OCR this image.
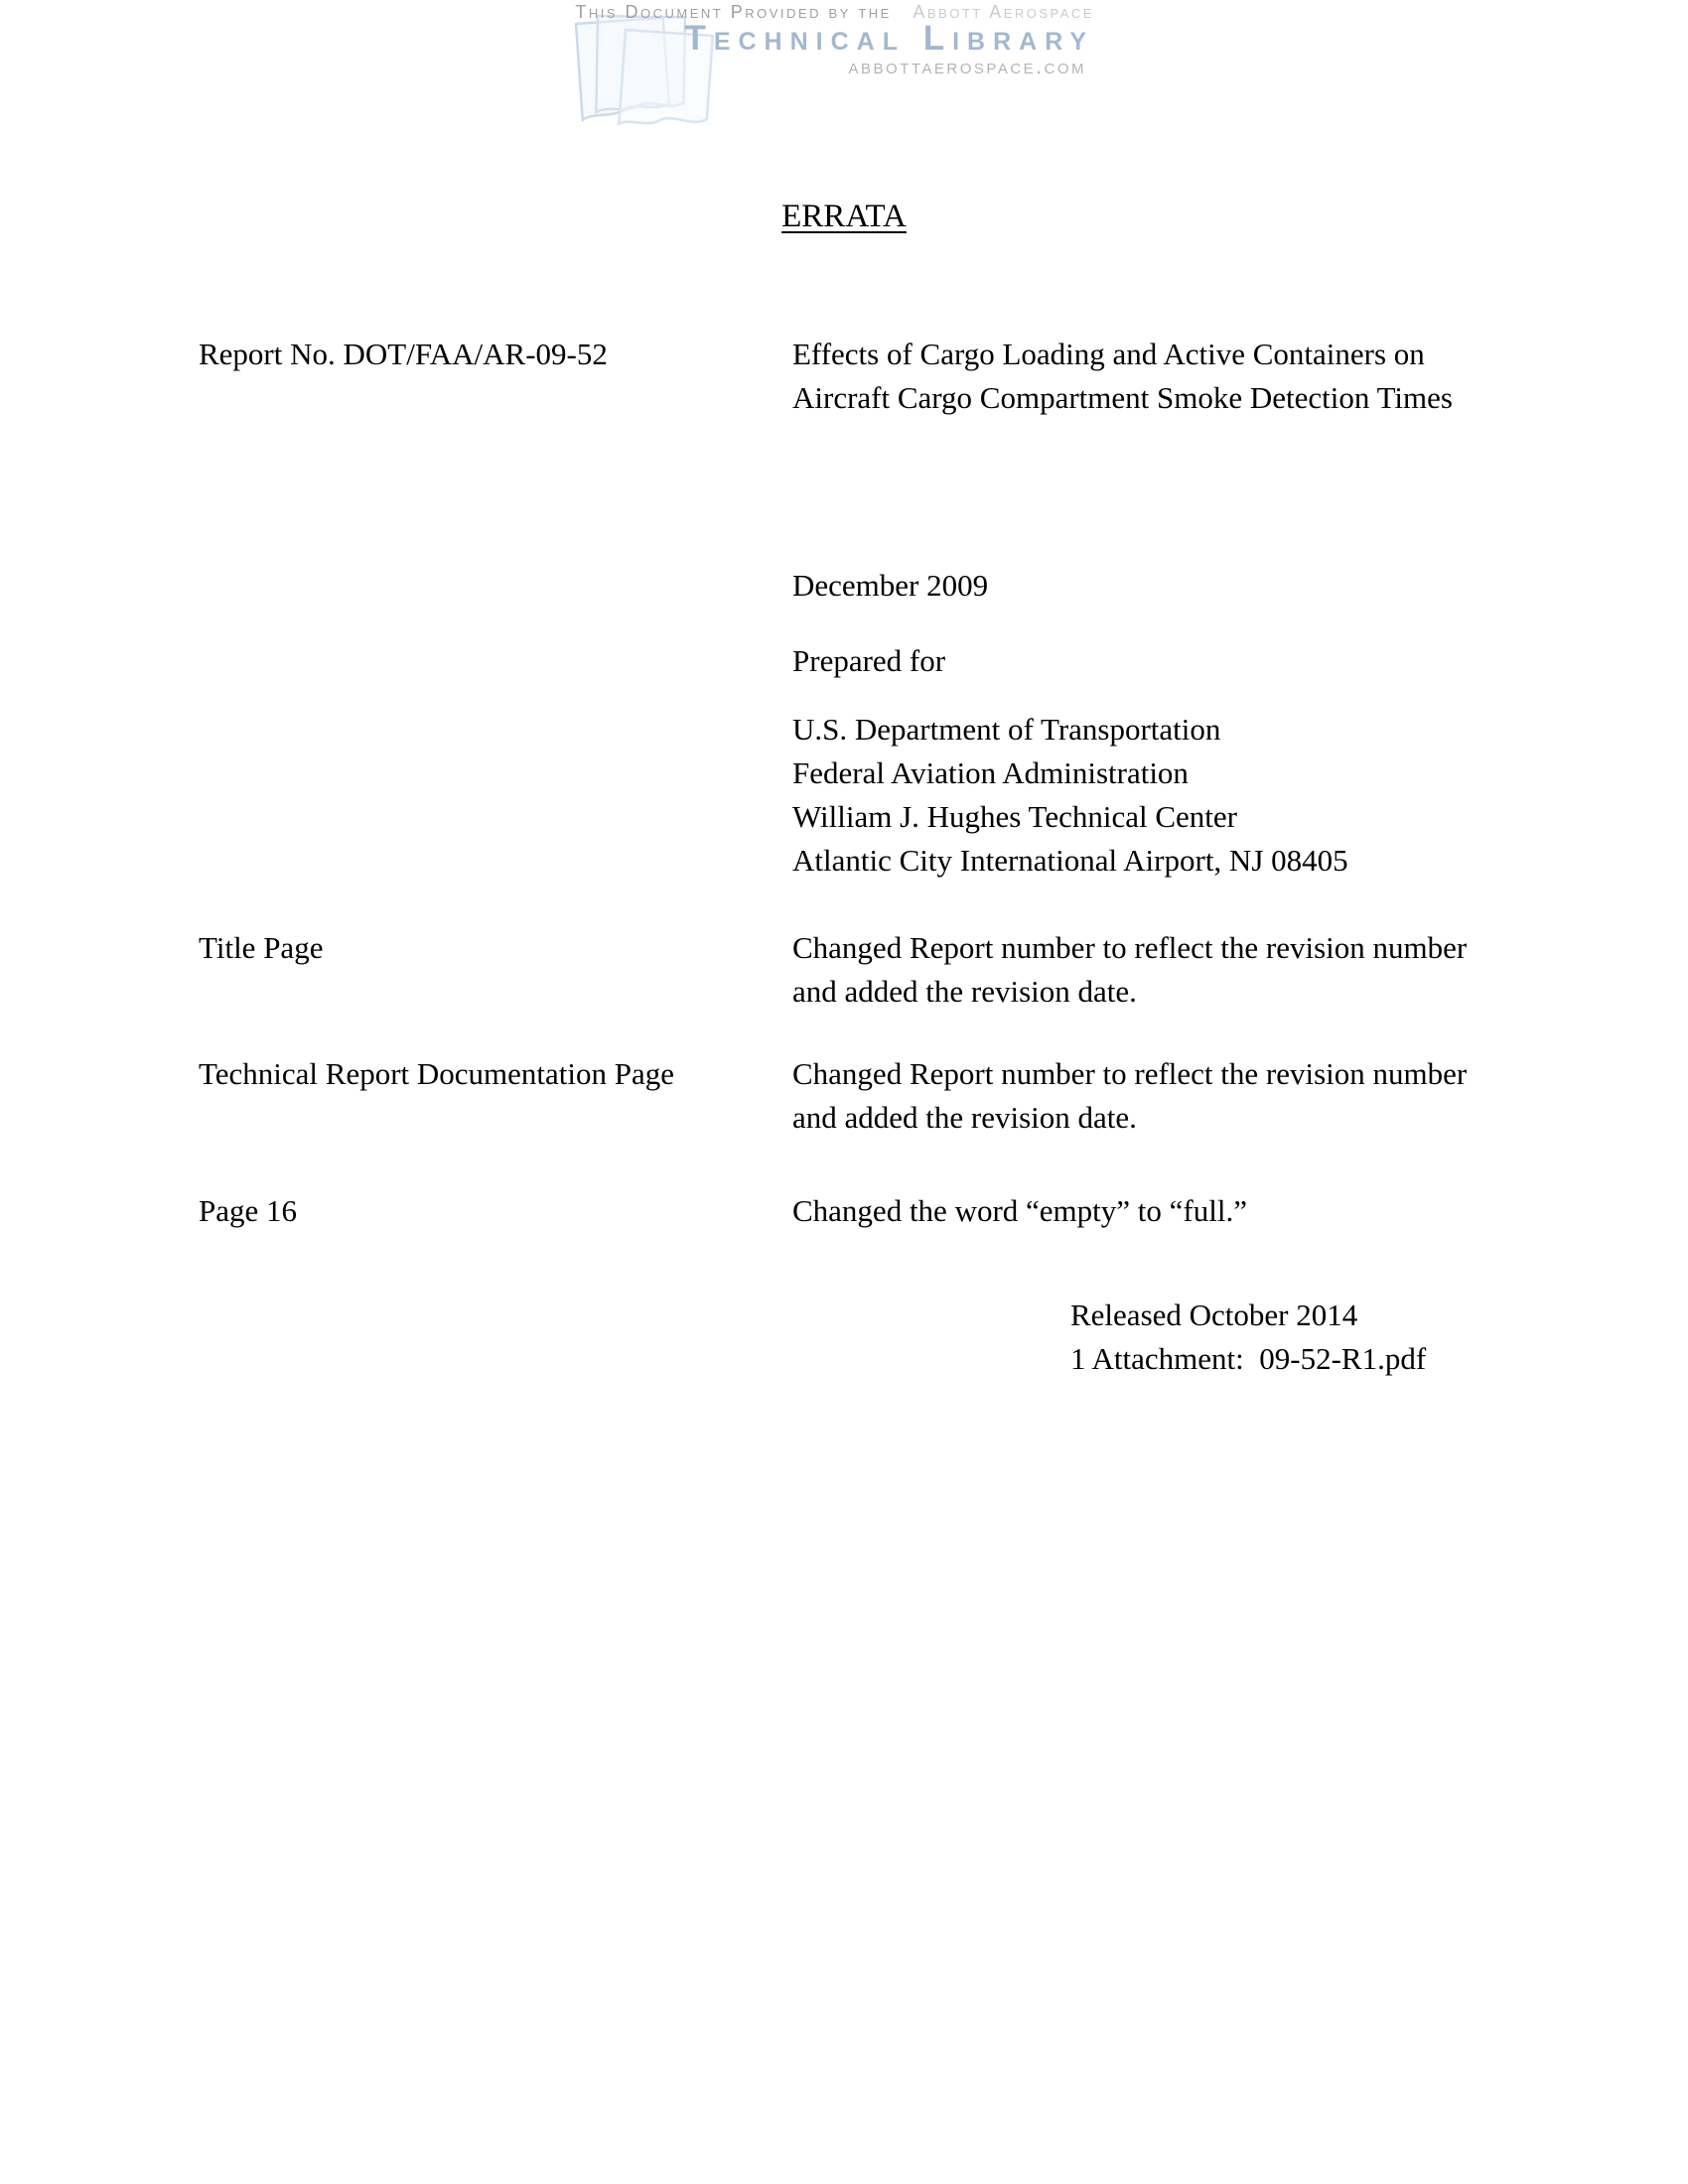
This Document Provided by the Abbott Aerospace
Technical Library
abbottaerospace.com
ERRATA
Report No. DOT/FAA/AR-09-52	Effects of Cargo Loading and Active Containers on Aircraft Cargo Compartment Smoke Detection Times
December 2009
Prepared for
U.S. Department of Transportation
Federal Aviation Administration
William J. Hughes Technical Center
Atlantic City International Airport, NJ 08405
Title Page	Changed Report number to reflect the revision number and added the revision date.
Technical Report Documentation Page	Changed Report number to reflect the revision number and added the revision date.
Page 16	Changed the word “empty” to “full.”
Released October 2014
1 Attachment:  09-52-R1.pdf
